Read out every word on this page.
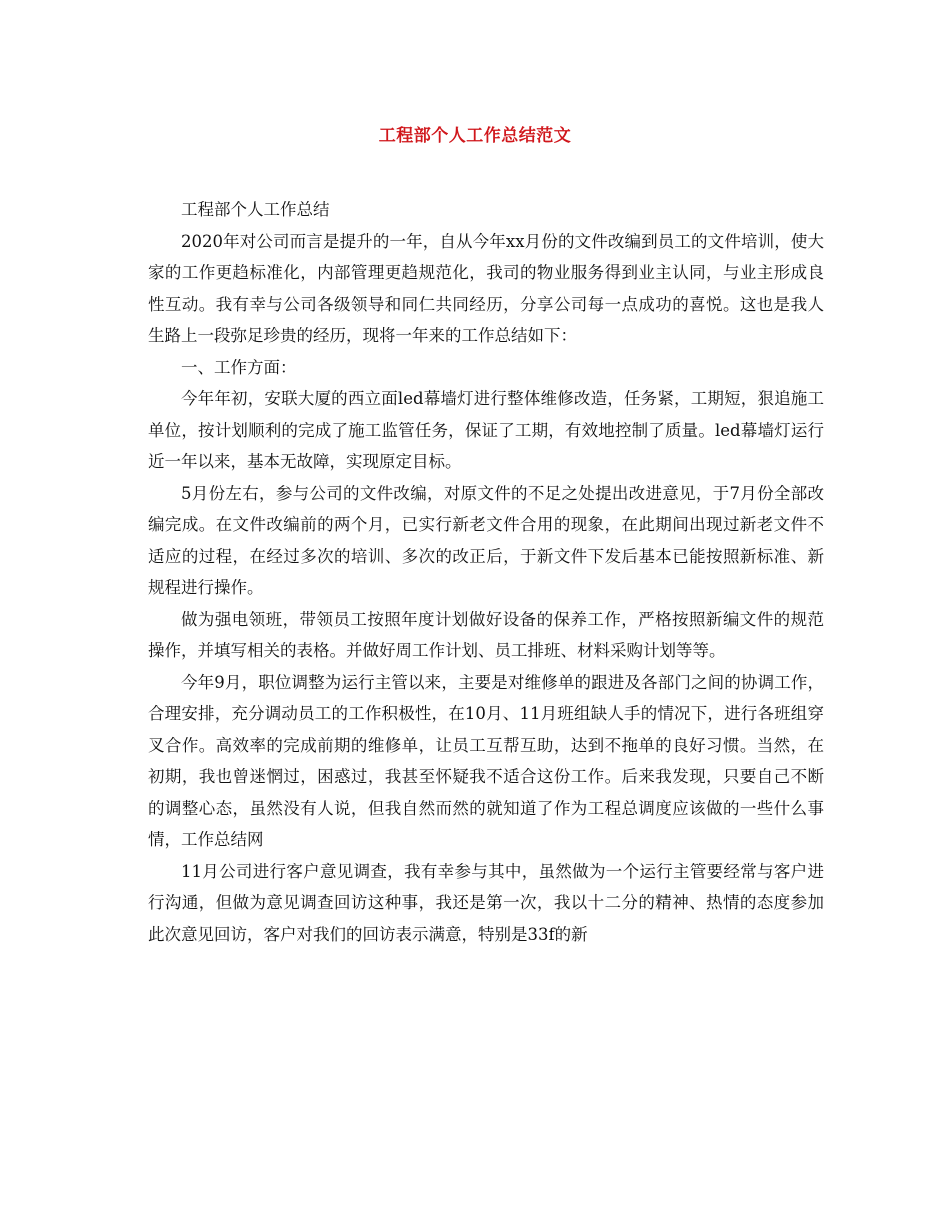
工程部个人工作总结范文

工程部个人工作总结

2020年对公司而言是提升的一年，自从今年xx月份的文件改编到员工的文件培训，使大家的工作更趋标准化，内部管理更趋规范化，我司的物业服务得到业主认同，与业主形成良性互动。我有幸与公司各级领导和同仁共同经历，分享公司每一点成功的喜悦。这也是我人生路上一段弥足珍贵的经历，现将一年来的工作总结如下：

一、工作方面：

今年年初，安联大厦的西立面led幕墙灯进行整体维修改造，任务紧，工期短，狠追施工单位，按计划顺利的完成了施工监管任务，保证了工期，有效地控制了质量。led幕墙灯运行近一年以来，基本无故障，实现原定目标。

5月份左右，参与公司的文件改编，对原文件的不足之处提出改进意见，于7月份全部改编完成。在文件改编前的两个月，已实行新老文件合用的现象，在此期间出现过新老文件不适应的过程，在经过多次的培训、多次的改正后，于新文件下发后基本已能按照新标准、新规程进行操作。

做为强电领班，带领员工按照年度计划做好设备的保养工作，严格按照新编文件的规范操作，并填写相关的表格。并做好周工作计划、员工排班、材料采购计划等等。

今年9月，职位调整为运行主管以来，主要是对维修单的跟进及各部门之间的协调工作，合理安排，充分调动员工的工作积极性，在10月、11月班组缺人手的情况下，进行各班组穿叉合作。高效率的完成前期的维修单，让员工互帮互助，达到不拖单的良好习惯。当然，在初期，我也曾迷惘过，困惑过，我甚至怀疑我不适合这份工作。后来我发现，只要自己不断的调整心态，虽然没有人说，但我自然而然的就知道了作为工程总调度应该做的一些什么事情，工作总结网

11月公司进行客户意见调查，我有幸参与其中，虽然做为一个运行主管要经常与客户进行沟通，但做为意见调查回访这种事，我还是第一次，我以十二分的精神、热情的态度参加此次意见回访，客户对我们的回访表示满意，特别是33f的新
